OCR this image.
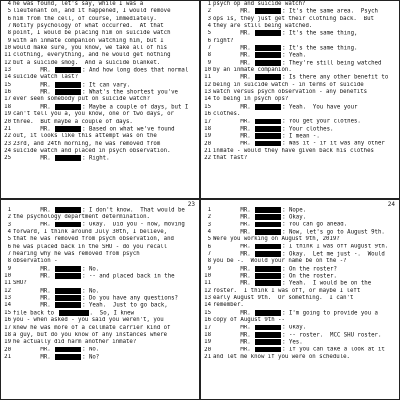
4 he was found, let's say, while I was a
5 lieutenant on, and it happened, I would remove
6 him from the cell, of course, immediately.
7 Notify psychology of what occurred.  At that
8 point, I would be placing him on suicide watch
9 with an inmate companion watching him, but I
10 would make sure, you know, we take all of his
11 clothing, everything, and he would get nothing
12 but a suicide smog.  And a suicide blanket.
13 MR.	: And how long does that normal
14 suicide watch last?
15 MR.	: It can vary.
16 MR.	: What's the shortest you've
17 ever seen somebody put on suicide watch?
18 MR.	: Maybe a couple of days, but I
19 can't tell you a, you know, one or two days, or
20 three.  But maybe a couple of days.
21 MR.	: Based on what we've found
22 out, it looks like this attempt was on the
23 23rd, and 24th morning, he was removed from
24 suicide watch and placed in psych observation.
25 MR.	: Right.
1 psych op and suicide watch?
2 MR.	: It's the same area.  Psych
3 ops is, they just get their clothing back.  But
4 they are still being watched.
5 MR.	: It's the same thing,
6 right?
7 MR.	: It's the same thing.
8 MR.	: Yeah.
9 MR.	: They're still being watched
10 by an inmate companion.
11 MR.	: Is there any other benefit to
12 being in suicide watch - in terms of suicide
13 watch versus psych observation - any benefits
14 to being in psych ops?
15 MR.	: Yeah.  You have your
16 clothes.
17 MR.	: You get your clothes.
18 MR.	: Your clothes.
19 MR.	: I mean -.
20 MR.	: Was it - if it was any other
21 inmate - would they have given back his clothes
22 that fast?
23
1 MR.	: I don't know.  That would be
2 the psychology department determination.
3 MR.	: Okay.  Did you - now, moving
4 forward, I think around July 30th, I believe,
5 that he was removed from psych observation, and
6 he was placed back in the SHU - do you recall
7 hearing why he was removed from psych
8 observation -
9 MR.	: No.
10 MR.	: -- and placed back in the
11 SHU?
12 MR.	: No.
13 MR.	: Do you have any questions?
14 MR.	: Yeah.  Just to go back,
15 file back to	.  So, I knew
16 you - when asked - you said you weren't, you
17 knew he was more of a cellmate carrier kind of
18 a guy, but do you know of any instances where
19 he actually did harm another inmate?
20 MR.	: No.
21 MR.	: No?
24
1 MR.	: Nope.
2 MR.	: Okay.
3 MR.	: You can go ahead.
4 MR.	: Now, let's go to August 9th.
5 Were you working on August 9th, 2019?
6 MR.	: I think I was off August 9th.
7 MR.	: Okay.  Let me just -.  Would
8 you be -.  Would your name be on the -?
9 MR.	: On the roster?
10 MR.	: On the roster.
11 MR.	: Yeah.  I would be on the
12 roster.  I think I was off, or maybe I left
13 early August 9th.  Or something.  I can't
14 remember.
15 MR.	: I'm going to provide you a
16 copy of August 9th --
17 MR.	: Okay.
18 MR.	: -- roster.  MCC SHU roster.
19 MR.	: Yes.
20 MR.	: If you can take a look at it
21 and let me know if you were on schedule.
